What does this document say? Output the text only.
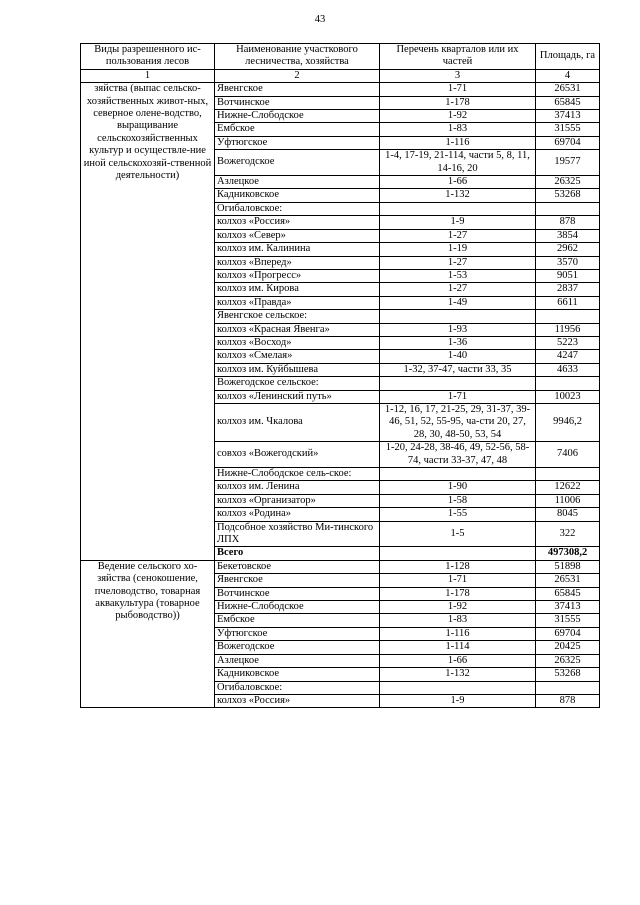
43
Виды разрешенного ис-пользования лесов	Наименование участкового лесничества, хозяйства	Перечень кварталов или их частей	Площадь, га
1	2	3	4
зяйства (выпас сельско-хозяйственных живот-ных, северное олене-водство, выращивание сельскохозяйственных культур и осуществле-ние иной сельскохозяй-ственной деятельности)	Явенгское	1-71	26531
	Вотчинское	1-178	65845
	Нижне-Слободское	1-92	37413
	Ембское	1-83	31555
	Уфтюгское	1-116	69704
	Вожегодское	1-4, 17-19, 21-114, части 5, 8, 11, 14-16, 20	19577
	Азлецкое	1-66	26325
	Кадниковское	1-132	53268
	Огибаловское:		
	колхоз «Россия»	1-9	878
	колхоз «Север»	1-27	3854
	колхоз им. Калинина	1-19	2962
	колхоз «Вперед»	1-27	3570
	колхоз «Прогресс»	1-53	9051
	колхоз им. Кирова	1-27	2837
	колхоз «Правда»	1-49	6611
	Явенгское сельское:		
	колхоз «Красная Явенга»	1-93	11956
	колхоз «Восход»	1-36	5223
	колхоз «Смелая»	1-40	4247
	колхоз им. Куйбышева	1-32, 37-47, части 33, 35	4633
	Вожегодское сельское:		
	колхоз «Ленинский путь»	1-71	10023
	колхоз им. Чкалова	1-12, 16, 17, 21-25, 29, 31-37, 39-46, 51, 52, 55-95, ча-сти 20, 27, 28, 30, 48-50, 53, 54	9946,2
	совхоз «Вожегодский»	1-20, 24-28, 38-46, 49, 52-56, 58-74, части 33-37, 47, 48	7406
	Нижне-Слободское сель-ское:		
	колхоз им. Ленина	1-90	12622
	колхоз «Организатор»	1-58	11006
	колхоз «Родина»	1-55	8045
	Подсобное хозяйство Ми-тинского ЛПХ	1-5	322
	Всего		497308,2
Ведение сельского хо-зяйства (сенокошение, пчеловодство, товарная аквакультура (товарное рыбоводство))	Бекетовское	1-128	51898
	Явенгское	1-71	26531
	Вотчинское	1-178	65845
	Нижне-Слободское	1-92	37413
	Ембское	1-83	31555
	Уфтюгское	1-116	69704
	Вожегодское	1-114	20425
	Азлецкое	1-66	26325
	Кадниковское	1-132	53268
	Огибаловское:		
	колхоз «Россия»	1-9	878
